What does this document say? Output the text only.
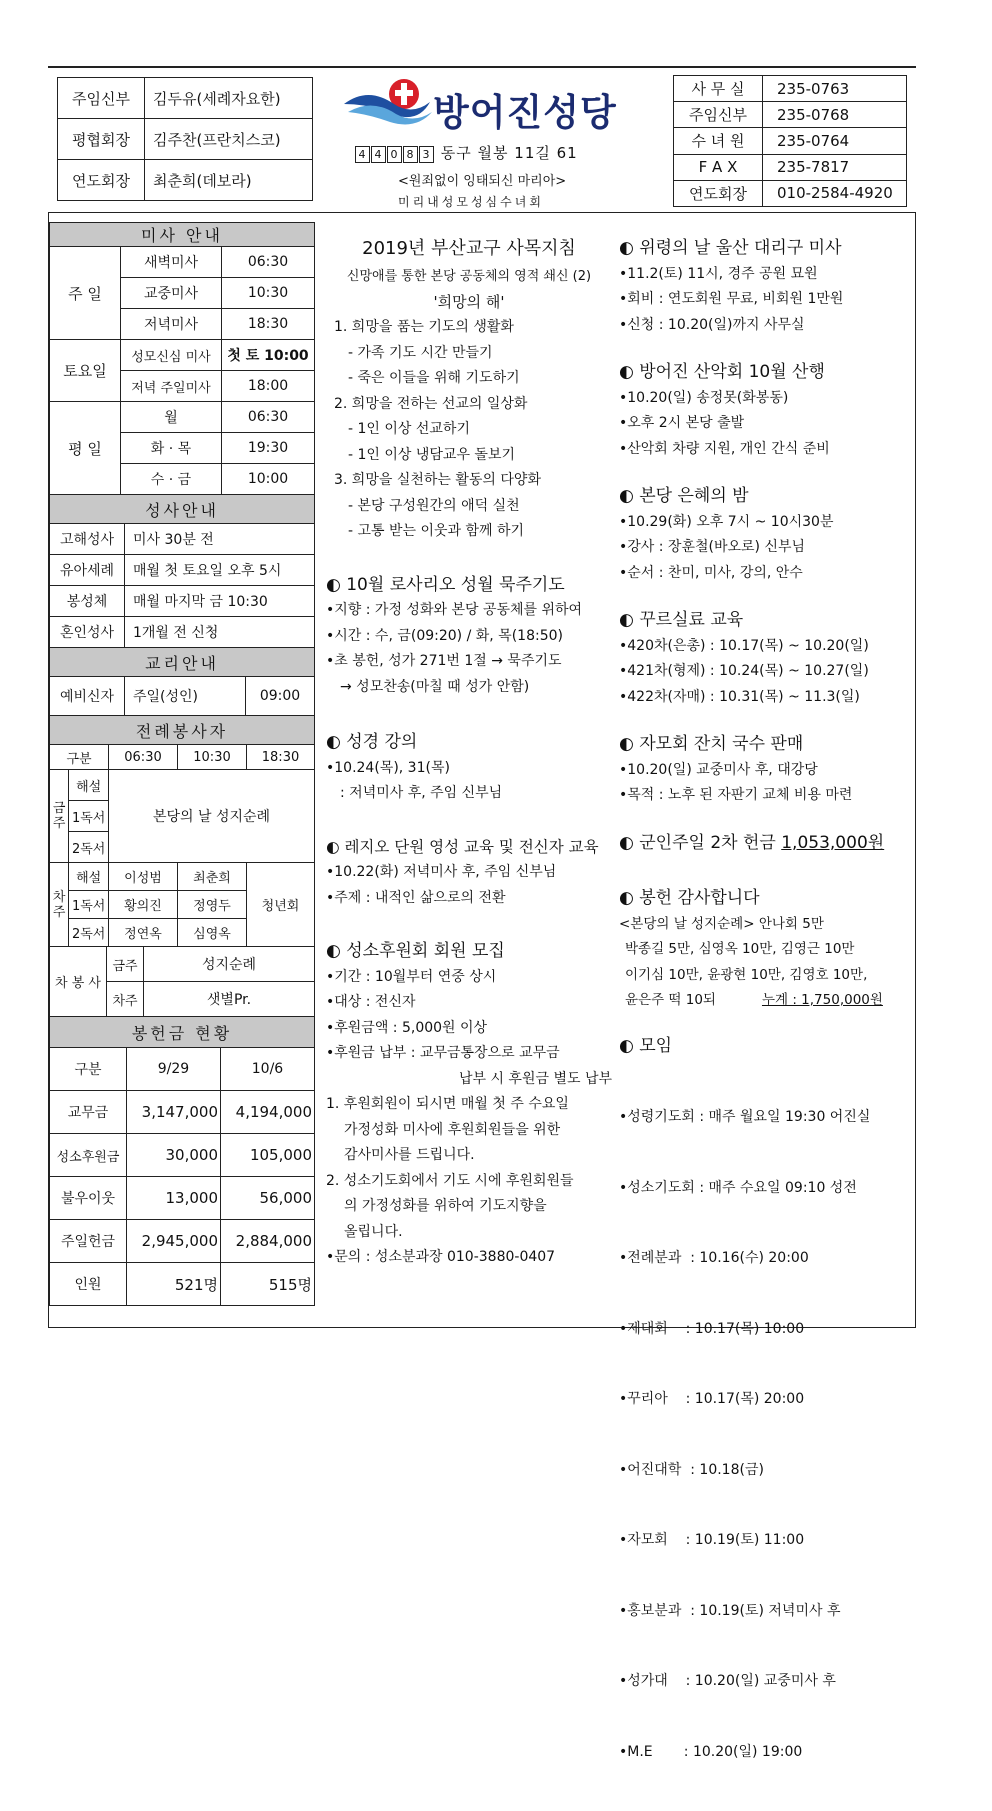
주임신부	김두유(세례자요한)
평협회장	김주찬(프란치스코)
연도회장	최춘희(데보라)
방어진성당
4 4 0 8 3 동구 월봉 11길 61
<원죄없이 잉태되신 마리아>
미리내성모성심수녀회
사 무 실	235-0763
주임신부	235-0768
수 녀 원	235-0764
F A X	235-7817
연도회장	010-2584-4920
미사 안내		
주 일	새벽미사	06:30
	교중미사	10:30
	저녁미사	18:30
토요일	성모신심 미사	첫 토 10:00
	저녁 주일미사	18:00
평 일	월	06:30
	화 · 목	19:30
	수 · 금	10:00
성사안내	
고해성사	미사 30분 전
유아세례	매월 첫 토요일 오후 5시
봉성체	매월 마지막 금 10:30
혼인성사	1개월 전 신청
교리안내
예비신자	주일(성인)	09:00
전례봉사자				
구분		06:30	10:30	18:30
금주	해설	본당의 날 성지순례		
	1독서			
	2독서			
차주	해설	이성범	최춘희	청년회
	1독서	황의진	정영두	
	2독서	정연옥	심영옥	
차 봉 사	금주	성지순례
	차주	샛별Pr.
봉헌금 현황		
구분	9/29	10/6
교무금	3,147,000	4,194,000
성소후원금	30,000	105,000
불우이웃	13,000	56,000
주일헌금	2,945,000	2,884,000
인원	521명	515명
2019년 부산교구 사목지침
신망애를 통한 본당 공동체의 영적 쇄신 (2)
'희망의 해'
1. 희망을 품는 기도의 생활화
- 가족 기도 시간 만들기
- 죽은 이들을 위해 기도하기
2. 희망을 전하는 선교의 일상화
- 1인 이상 선교하기
- 1인 이상 냉담교우 돌보기
3. 희망을 실천하는 활동의 다양화
- 본당 구성원간의 애덕 실천
- 고통 받는 이웃과 함께 하기
◐ 10월 로사리오 성월 묵주기도
•지향 : 가정 성화와 본당 공동체를 위하여
•시간 : 수, 금(09:20) / 화, 목(18:50)
•초 봉헌, 성가 271번 1절 → 묵주기도
→ 성모찬송(마칠 때 성가 안함)
◐ 성경 강의
•10.24(목), 31(목)
: 저녁미사 후, 주임 신부님
◐ 레지오 단원 영성 교육 및 전신자 교육
•10.22(화) 저녁미사 후, 주임 신부님
•주제 : 내적인 삶으로의 전환
◐ 성소후원회 회원 모집
•기간 : 10월부터 연중 상시
•대상 : 전신자
•후원금액 : 5,000원 이상
•후원금 납부 : 교무금통장으로 교무금
납부 시 후원금 별도 납부
1. 후원회원이 되시면 매월 첫 주 수요일
가정성화 미사에 후원회원들을 위한
감사미사를 드립니다.
2. 성소기도회에서 기도 시에 후원회원들
의 가정성화를 위하여 기도지향을
올립니다.
•문의 : 성소분과장 010-3880-0407
◐ 위령의 날 울산 대리구 미사
•11.2(토) 11시, 경주 공원 묘원
•회비 : 연도회원 무료, 비회원 1만원
•신청 : 10.20(일)까지 사무실
◐ 방어진 산악회 10월 산행
•10.20(일) 송정못(화봉동)
•오후 2시 본당 출발
•산악회 차량 지원, 개인 간식 준비
◐ 본당 은혜의 밤
•10.29(화) 오후 7시 ~ 10시30분
•강사 : 장훈철(바오로) 신부님
•순서 : 찬미, 미사, 강의, 안수
◐ 꾸르실료 교육
•420차(은총) : 10.17(목) ~ 10.20(일)
•421차(형제) : 10.24(목) ~ 10.27(일)
•422차(자매) : 10.31(목) ~ 11.3(일)
◐ 자모회 잔치 국수 판매
•10.20(일) 교중미사 후, 대강당
•목적 : 노후 된 자판기 교체 비용 마련
◐ 군인주일 2차 헌금 1,053,000원
◐ 봉헌 감사합니다
<본당의 날 성지순례> 안나회 5만
박종길 5만, 심영옥 10만, 김영근 10만
이기심 10만, 윤광현 10만, 김영호 10만,
윤은주 떡 10되	누계 : 1,750,000원
◐ 모임

•성령기도회 : 매주 월요일 19:30 어진실

•성소기도회 : 매주 수요일 09:10 성전

•전례분과  : 10.16(수) 20:00

•제대회    : 10.17(목) 10:00

•꾸리아    : 10.17(목) 20:00

•어진대학  : 10.18(금)

•자모회    : 10.19(토) 11:00

•홍보분과  : 10.19(토) 저녁미사 후

•성가대    : 10.20(일) 교중미사 후

•M.E       : 10.20(일) 19:00
